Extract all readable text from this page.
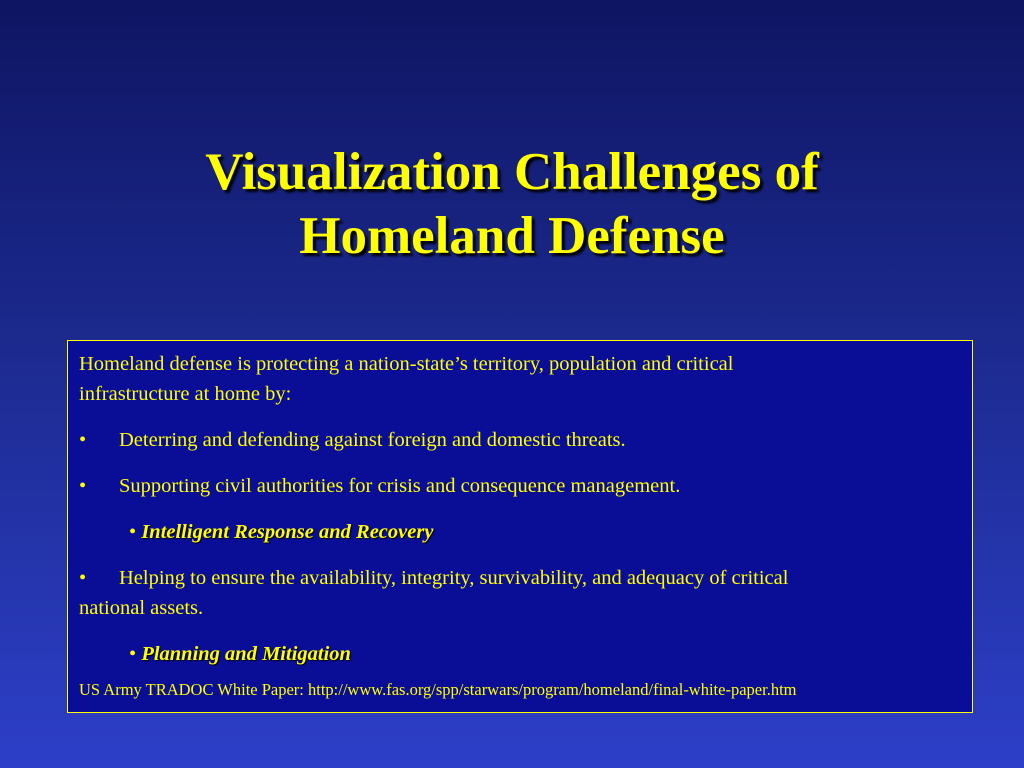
Visualization Challenges of
Homeland Defense

Homeland defense is protecting a nation-state’s territory, population and critical
infrastructure at home by:

• Deterring and defending against foreign and domestic threats.

• Supporting civil authorities for crisis and consequence management.

• Intelligent Response and Recovery

• Helping to ensure the availability, integrity, survivability, and adequacy of critical
national assets.

• Planning and Mitigation

US Army TRADOC White Paper: http://www.fas.org/spp/starwars/program/homeland/final-white-paper.htm
